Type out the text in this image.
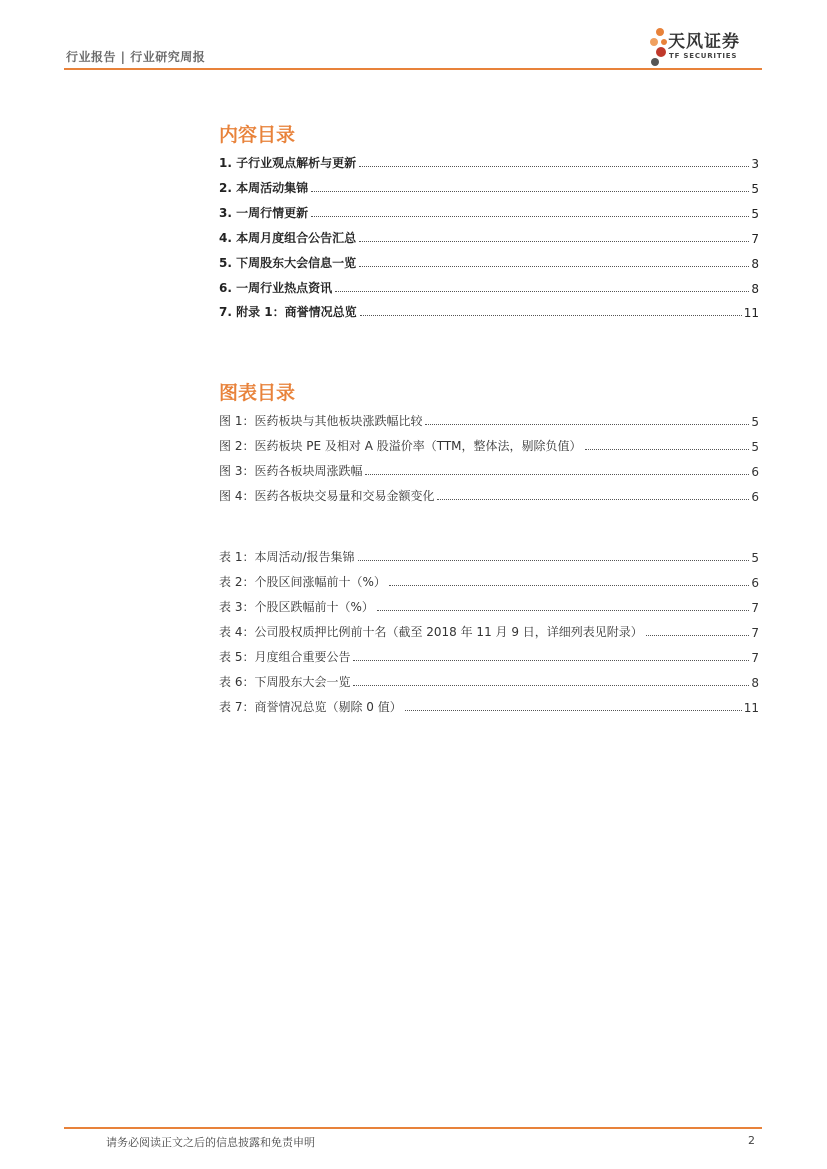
行业报告 | 行业研究周报
天风证券
TF SECURITIES
内容目录
1. 子行业观点解析与更新	3
2. 本周活动集锦	5
3. 一周行情更新	5
4. 本周月度组合公告汇总	7
5. 下周股东大会信息一览	8
6. 一周行业热点资讯	8
7. 附录 1：商誉情况总览	11
图表目录
图 1：医药板块与其他板块涨跌幅比较	5
图 2：医药板块 PE 及相对 A 股溢价率（TTM，整体法，剔除负值）	5
图 3：医药各板块周涨跌幅	6
图 4：医药各板块交易量和交易金额变化	6
表 1：本周活动/报告集锦	5
表 2：个股区间涨幅前十（%）	6
表 3：个股区跌幅前十（%）	7
表 4：公司股权质押比例前十名（截至 2018 年 11 月 9 日，详细列表见附录）	7
表 5：月度组合重要公告	7
表 6：下周股东大会一览	8
表 7：商誉情况总览（剔除 0 值）	11
请务必阅读正文之后的信息披露和免责申明	2
